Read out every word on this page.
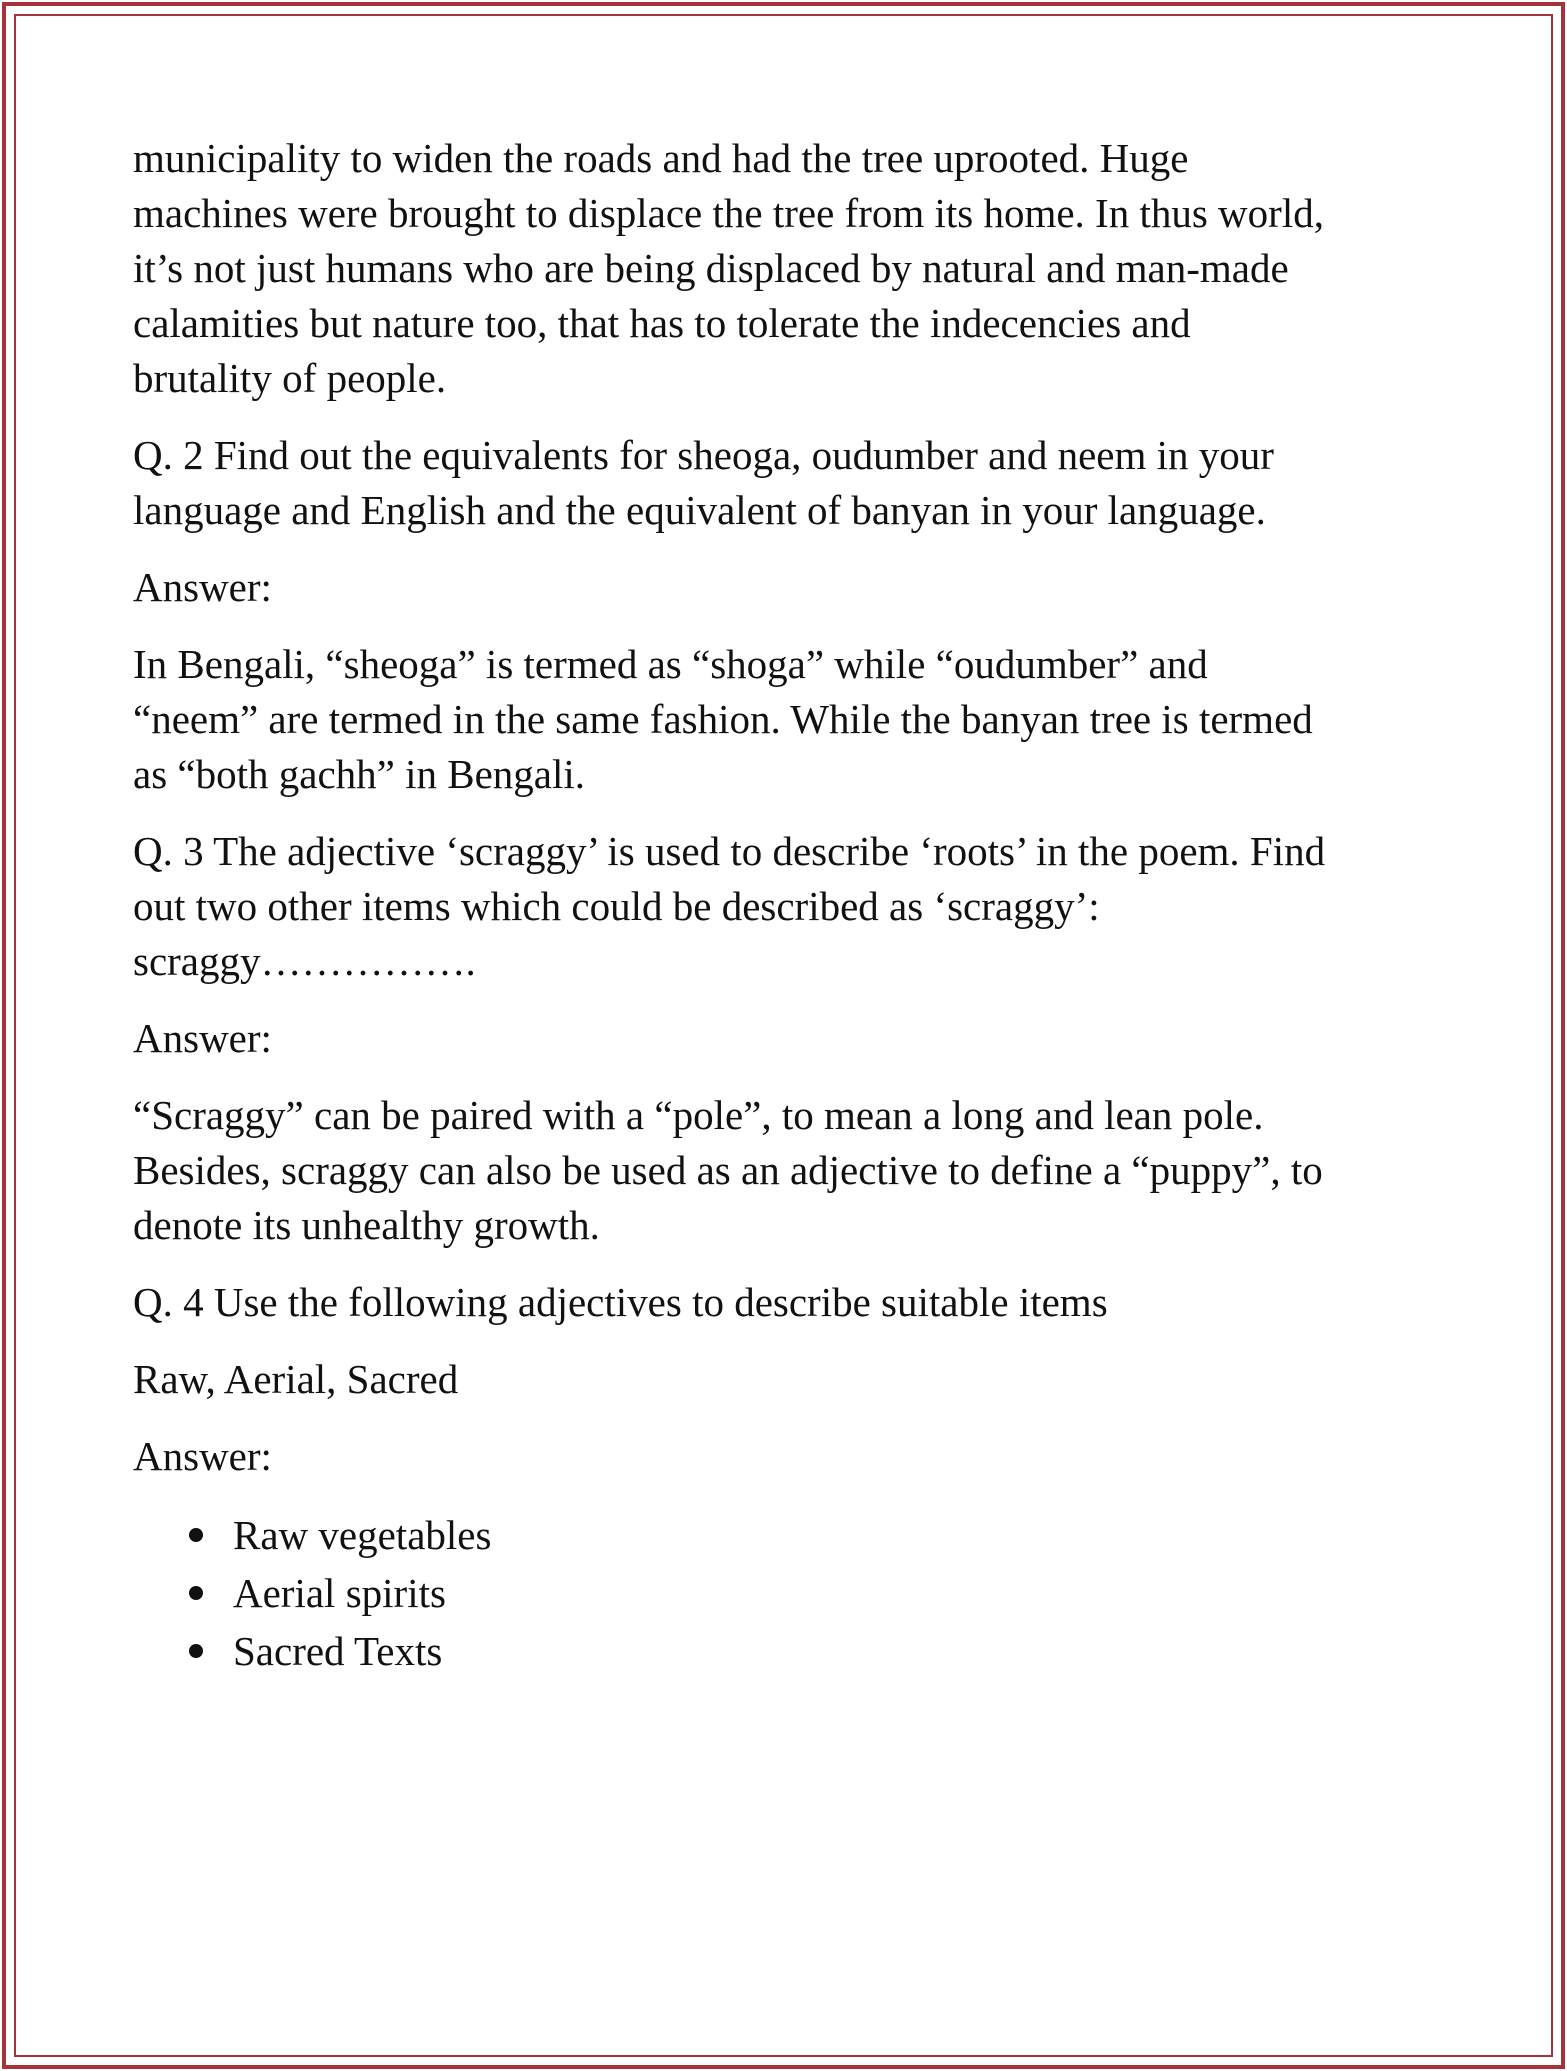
municipality to widen the roads and had the tree uprooted. Huge
machines were brought to displace the tree from its home. In thus world,
it’s not just humans who are being displaced by natural and man-made
calamities but nature too, that has to tolerate the indecencies and
brutality of people.

Q. 2 Find out the equivalents for sheoga, oudumber and neem in your
language and English and the equivalent of banyan in your language.

Answer:

In Bengali, “sheoga” is termed as “shoga” while “oudumber” and
“neem” are termed in the same fashion. While the banyan tree is termed
as “both gachh” in Bengali.

Q. 3 The adjective ‘scraggy’ is used to describe ‘roots’ in the poem. Find
out two other items which could be described as ‘scraggy’:
scraggy…………….

Answer:

“Scraggy” can be paired with a “pole”, to mean a long and lean pole.
Besides, scraggy can also be used as an adjective to define a “puppy”, to
denote its unhealthy growth.

Q. 4 Use the following adjectives to describe suitable items

Raw, Aerial, Sacred

Answer:

Raw vegetables
Aerial spirits
Sacred Texts
